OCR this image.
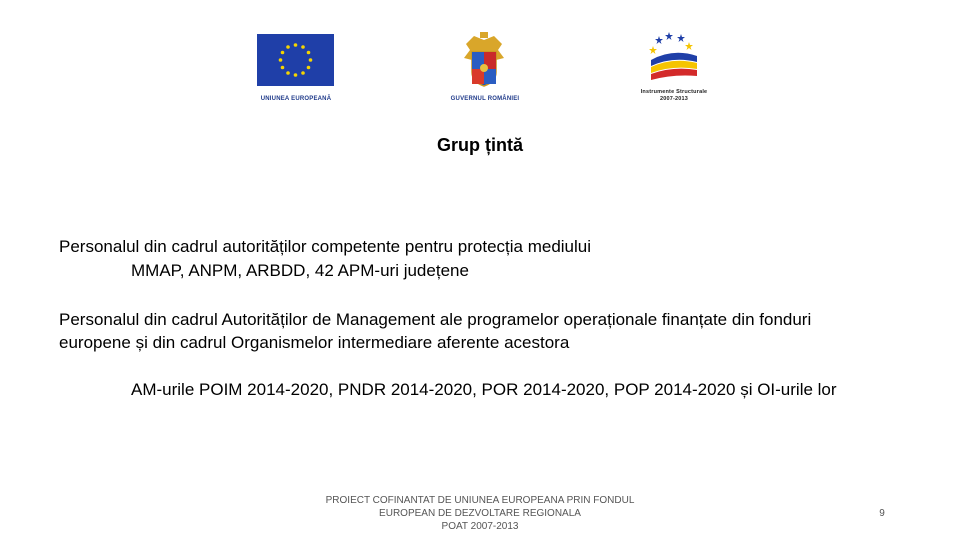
UNIUNEA EUROPEANĂ	GUVERNUL ROMÂNIEI
Instrumente Structurale
2007-2013
Grup țintă
Personalul din cadrul autorităților competente pentru protecția mediului
MMAP, ANPM, ARBDD, 42 APM-uri județene
Personalul din cadrul Autorităților de Management ale programelor operaționale finanțate din fonduri
europene și din cadrul Organismelor intermediare aferente acestora
AM-urile POIM 2014-2020, PNDR 2014-2020, POR 2014-2020, POP 2014-2020 și OI-urile lor
PROIECT COFINANTAT DE UNIUNEA EUROPEANA PRIN FONDUL
EUROPEAN DE DEZVOLTARE REGIONALA
POAT 2007-2013
9
